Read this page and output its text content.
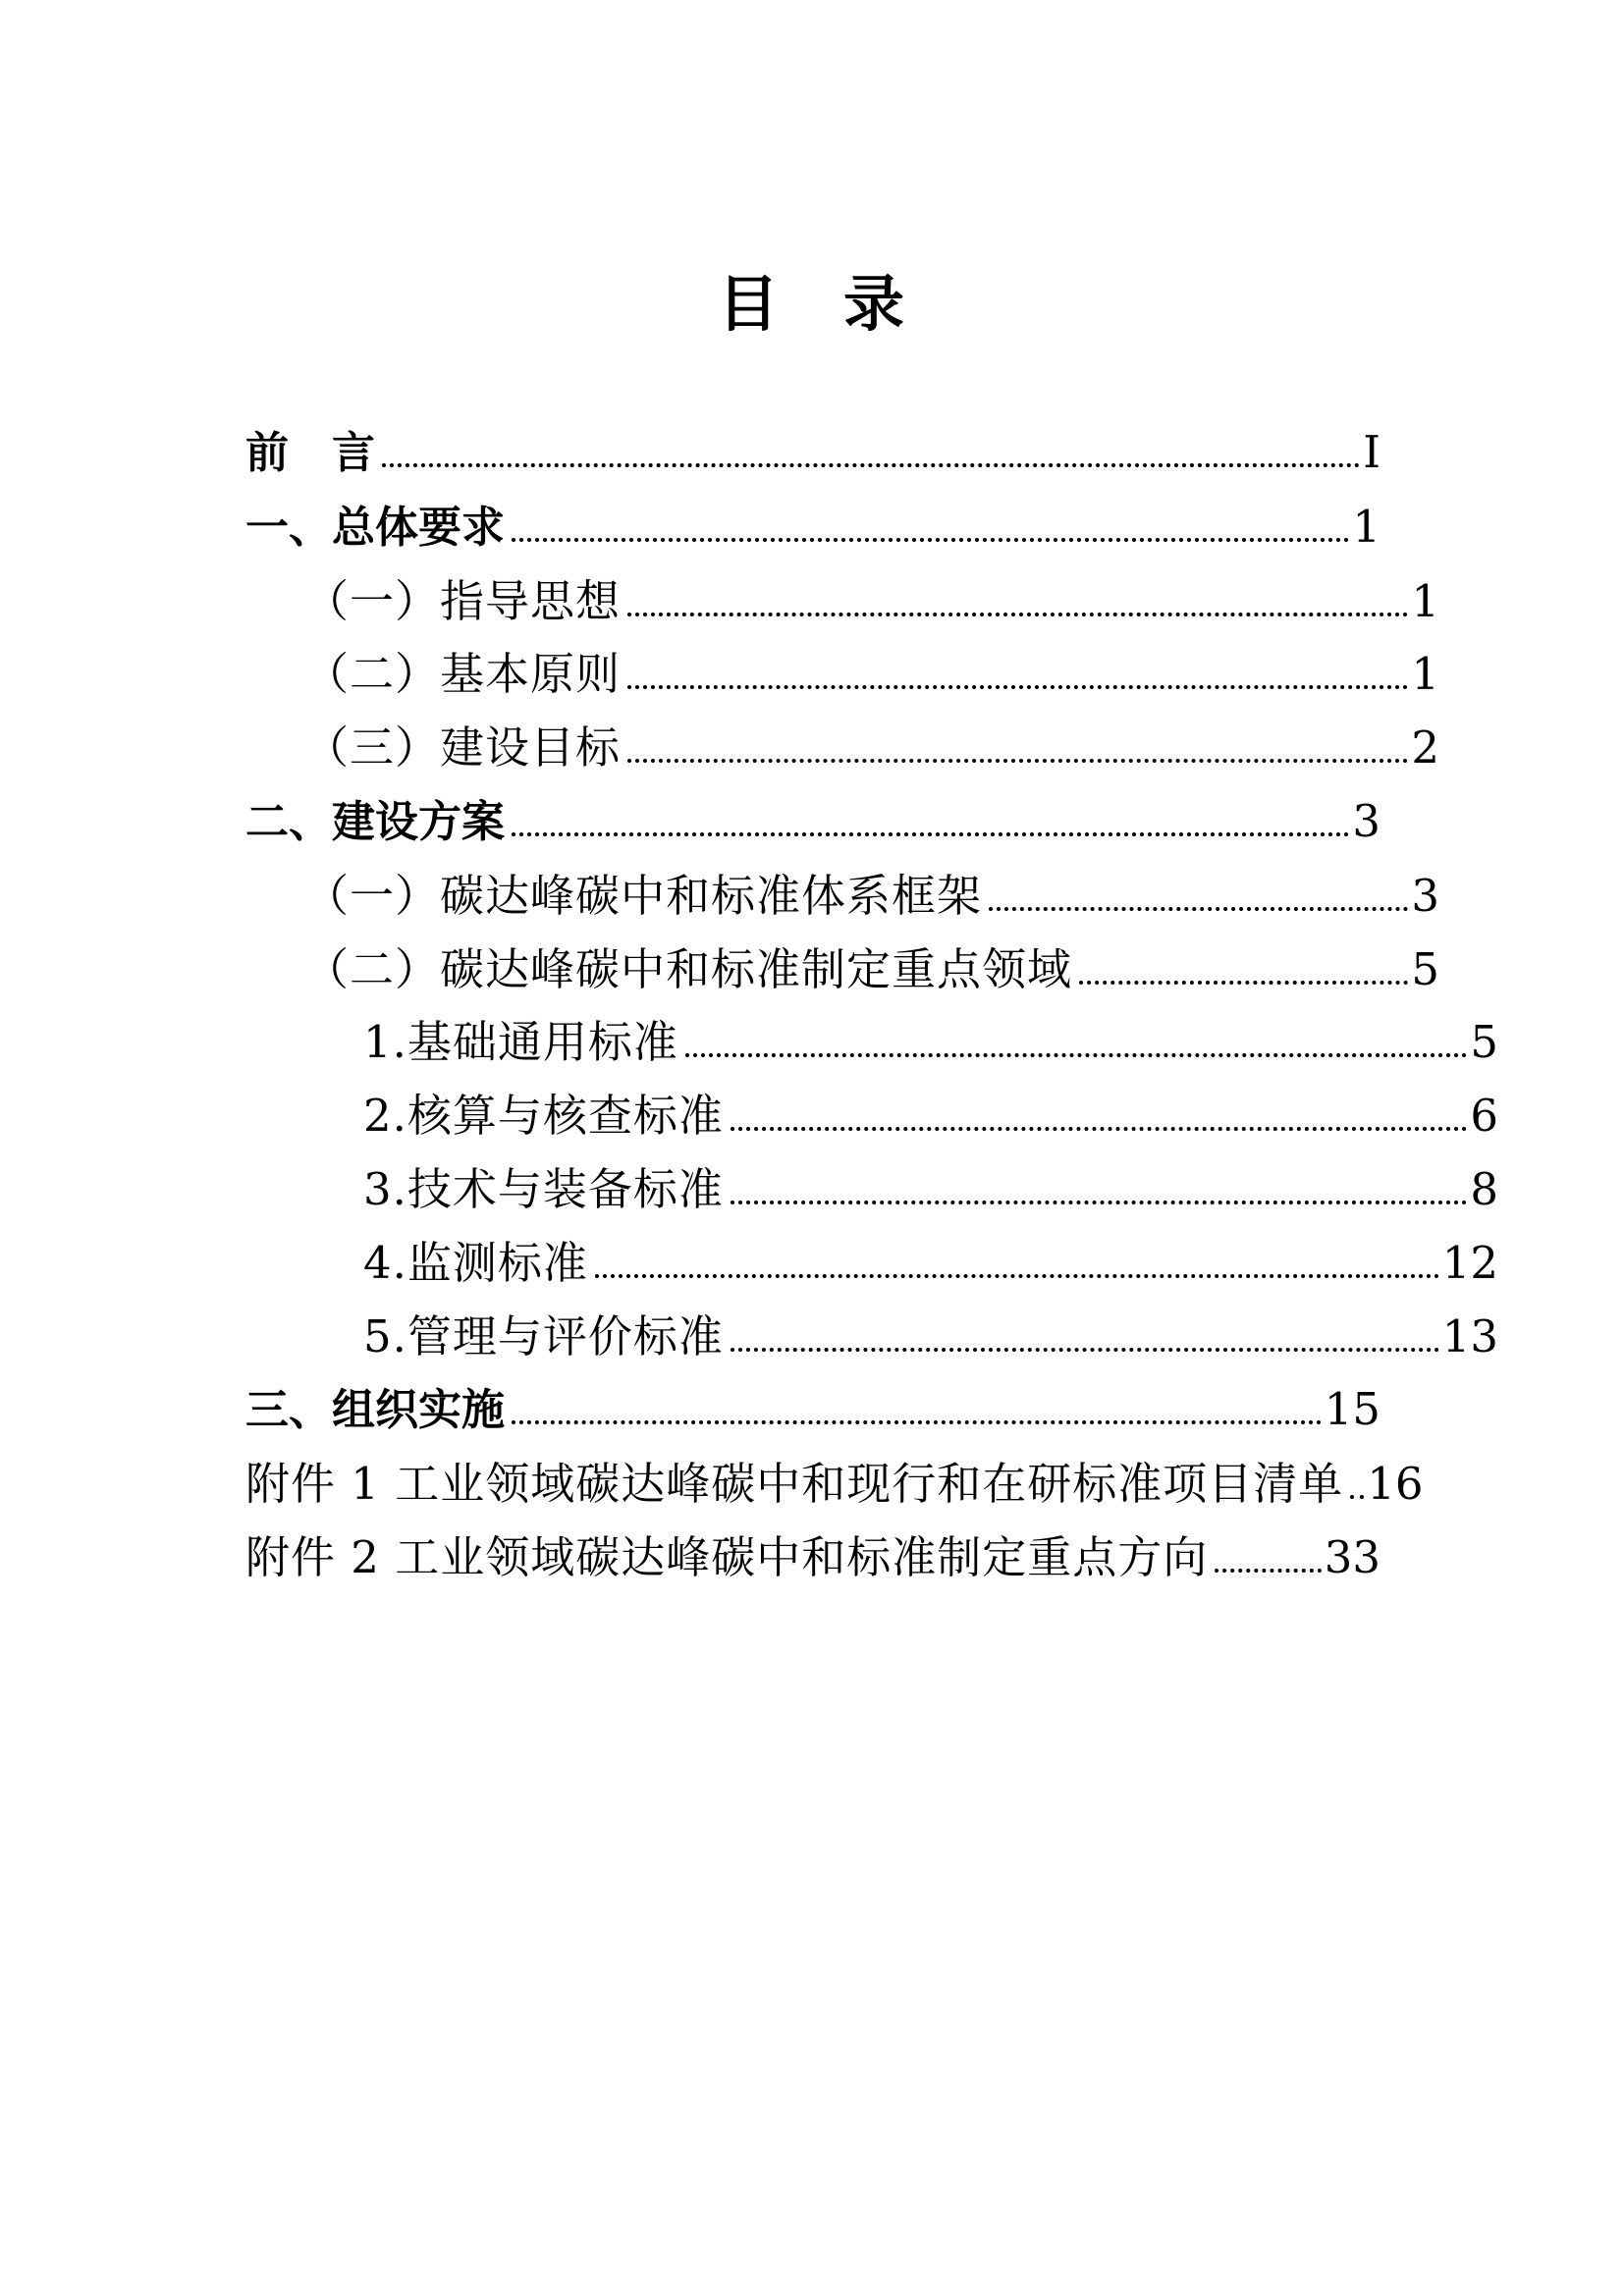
目　录
前　言	I
一、总体要求	1
（一）指导思想	1
（二）基本原则	1
（三）建设目标	2
二、建设方案	3
（一）碳达峰碳中和标准体系框架	3
（二）碳达峰碳中和标准制定重点领域	5
1.基础通用标准	5
2.核算与核查标准	6
3.技术与装备标准	8
4.监测标准	12
5.管理与评价标准	13
三、组织实施	15
附件 1 工业领域碳达峰碳中和现行和在研标准项目清单 16
附件 2 工业领域碳达峰碳中和标准制定重点方向	33
